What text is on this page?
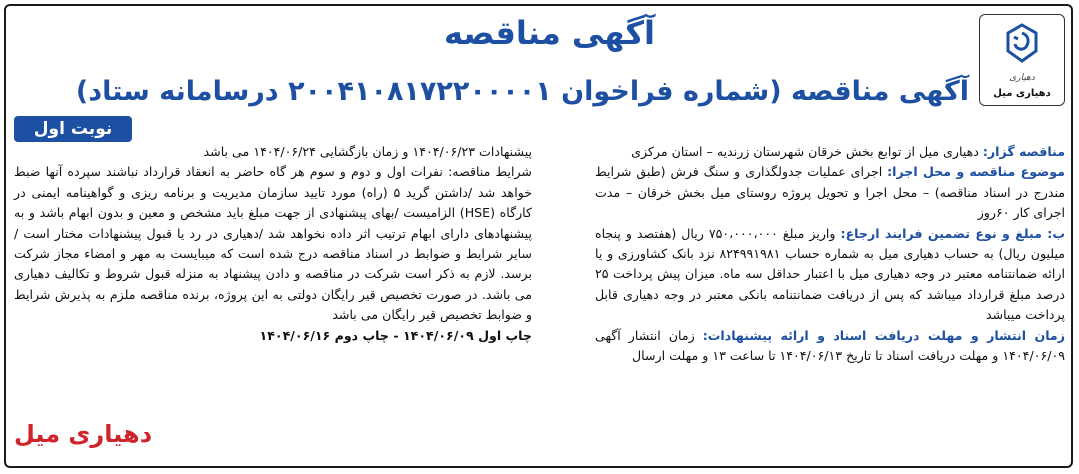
دهیاری
دهیاری میل
آگهی مناقصه
آگهی مناقصه (شماره فراخوان ۲۰۰۴۱۰۸۱۷۲۲۰۰۰۰۱ درسامانه ستاد)
نوبت اول

مناقصه گزار: دهیاری میل از توابع بخش خرقان شهرستان زرندیه – استان مرکزی

موضوع مناقصه و محل اجرا: اجرای عملیات جدولگذاری و سنگ فرش (طبق شرایط مندرج در اسناد مناقصه) – محل اجرا و تحویل پروژه روستای میل بخش خرقان – مدت اجرای کار ۶۰روز

ب: مبلغ و نوع تضمین فرایند ارجاع: واریز مبلغ ۷۵۰،۰۰۰،۰۰۰ ریال (هفتصد و پنجاه میلیون ریال) به حساب دهیاری میل به شماره حساب ۸۲۴۹۹۱۹۸۱ نزد بانک کشاورزی و یا ارائه ضمانتنامه معتبر در وجه دهیاری میل با اعتبار حداقل سه ماه. میزان پیش پرداخت ۲۵ درصد مبلغ قرارداد میباشد که پس از دریافت ضمانتنامه بانکی معتبر در وجه دهیاری قابل پرداخت میباشد

زمان انتشار و مهلت دریافت اسناد و ارائه پیشنهادات: زمان انتشار آگهی ۱۴۰۴/۰۶/۰۹ و مهلت دریافت اسناد تا تاریخ ۱۴۰۴/۰۶/۱۳ تا ساعت ۱۳ و مهلت ارسال

پیشنهادات ۱۴۰۴/۰۶/۲۳ و زمان بازگشایی ۱۴۰۴/۰۶/۲۴ می باشد

شرایط مناقصه: نفرات اول و دوم و سوم هر گاه حاضر به انعقاد قرارداد نباشند سپرده آنها ضبط خواهد شد /داشتن گرید ۵ (راه) مورد تایید سازمان مدیریت و برنامه ریزی و گواهینامه ایمنی در کارگاه (HSE) الزامیست /بهای پیشنهادی از جهت مبلغ باید مشخص و معین و بدون ابهام باشد و به پیشنهادهای دارای ابهام ترتیب اثر داده نخواهد شد /دهیاری در رد یا قبول پیشنهادات مختار است / سایر شرایط و ضوابط در اسناد مناقصه درج شده است که میبایست به مهر و امضاء مجاز شرکت برسد. لازم به ذکر است شرکت در مناقصه و دادن پیشنهاد به منزله قبول شروط و تکالیف دهیاری می باشد. در صورت تخصیص قیر رایگان دولتی به این پروژه، برنده مناقصه ملزم به پذیرش شرایط و ضوابط تخصیص قیر رایگان می باشد

چاپ اول ۱۴۰۴/۰۶/۰۹ - چاپ دوم ۱۴۰۴/۰۶/۱۶

دهیاری میل
